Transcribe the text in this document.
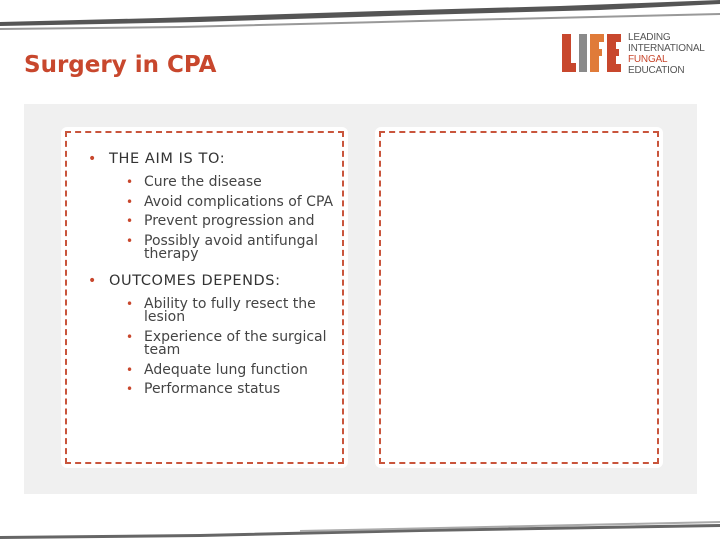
Surgery in CPA
LEADING
INTERNATIONAL
FUNGAL
EDUCATION
• THE AIM IS TO:
• Cure the disease
• Avoid complications of CPA
• Prevent progression and
• Possibly avoid antifungal therapy
• OUTCOMES DEPENDS:
• Ability to fully resect the lesion
• Experience of the surgical team
• Adequate lung function
• Performance status
